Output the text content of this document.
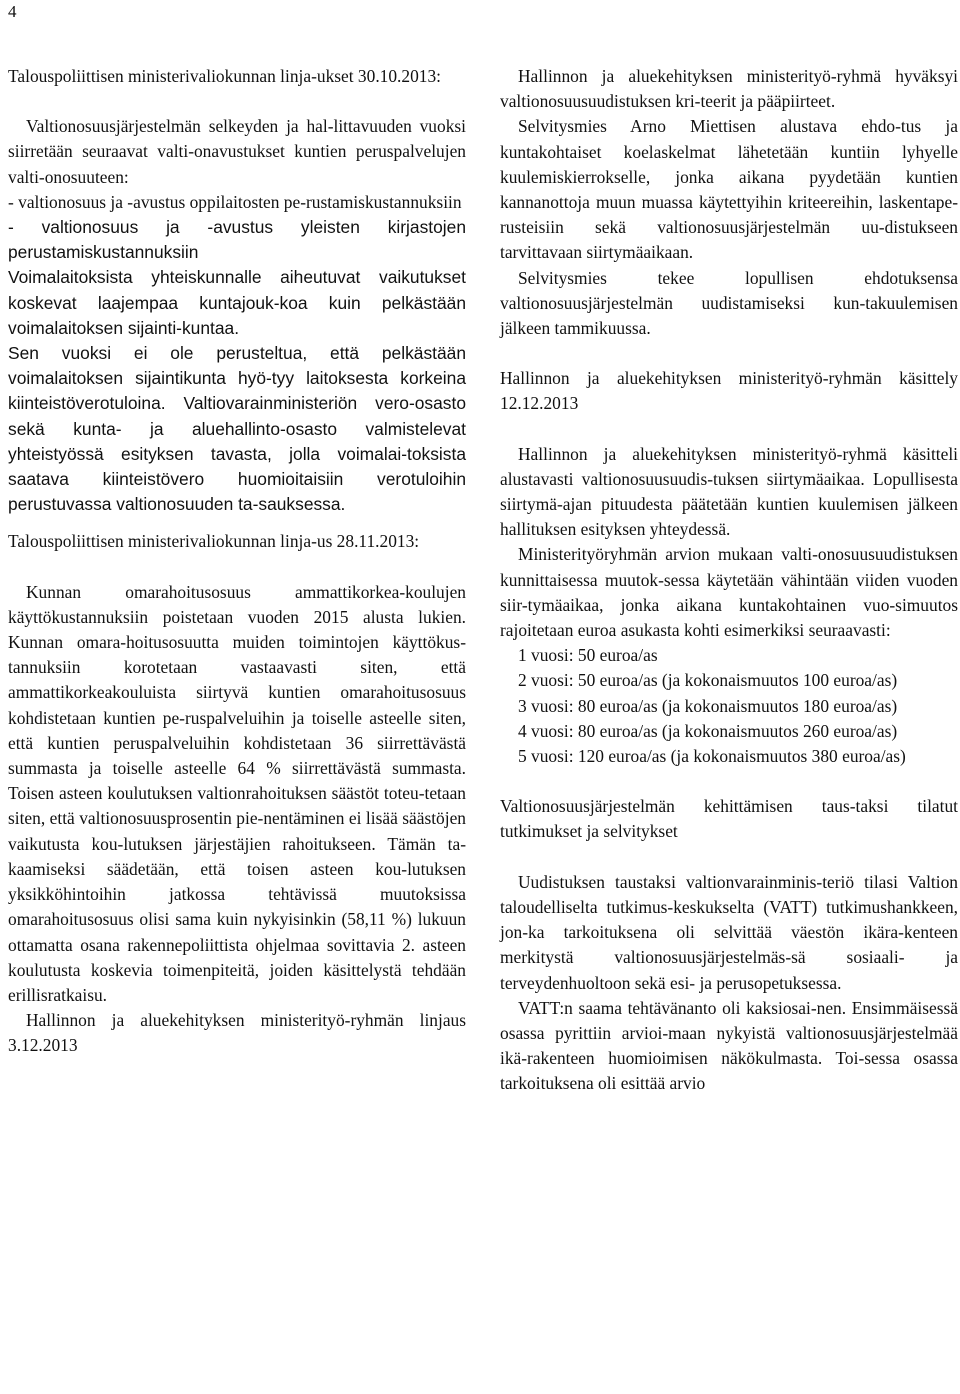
4
Talouspoliittisen ministerivaliokunnan linja-ukset 30.10.2013:

Valtionosuusjärjestelmän selkeyden ja hal-littavuuden vuoksi siirretään seuraavat valti-onavustukset kuntien peruspalvelujen valti-onosuuteen:

- valtionosuus ja -avustus oppilaitosten pe-rustamiskustannuksiin

- valtionosuus ja -avustus yleisten kirjastojen perustamiskustannuksiin

Voimalaitoksista yhteiskunnalle aiheutuvat vaikutukset koskevat laajempaa kuntajouk-koa kuin pelkästään voimalaitoksen sijainti-kuntaa.

Sen vuoksi ei ole perusteltua, että pelkästään voimalaitoksen sijaintikunta hyö-tyy laitoksesta korkeina kiinteistöverotuloina. Valtiovarainministeriön vero-osasto sekä kunta- ja aluehallinto-osasto valmistelevat yhteistyössä esityksen tavasta, jolla voimalai-toksista saatava kiinteistövero huomioitaisiin verotuloihin perustuvassa valtionosuuden ta-sauksessa.

Talouspoliittisen ministerivaliokunnan linja-us 28.11.2013:

Kunnan omarahoitusosuus ammattikorkea-koulujen käyttökustannuksiin poistetaan vuoden 2015 alusta lukien. Kunnan omara-hoitusosuutta muiden toimintojen käyttökus-tannuksiin korotetaan vastaavasti siten, että ammattikorkeakouluista siirtyvä kuntien omarahoitusosuus kohdistetaan kuntien pe-ruspalveluihin ja toiselle asteelle siten, että kuntien peruspalveluihin kohdistetaan 36 siirrettävästä summasta ja toiselle asteelle 64 % siirrettävästä summasta. Toisen asteen koulutuksen valtionrahoituksen säästöt toteu-tetaan siten, että valtionosuusprosentin pie-nentäminen ei lisää säästöjen vaikutusta kou-lutuksen järjestäjien rahoitukseen. Tämän ta-kaamiseksi säädetään, että toisen asteen kou-lutuksen yksikköhintoihin jatkossa tehtävissä muutoksissa omarahoitusosuus olisi sama kuin nykyisinkin (58,11 %) lukuun ottamatta osana rakennepoliittista ohjelmaa sovittavia 2. asteen koulutusta koskevia toimenpiteitä, joiden käsittelystä tehdään erillisratkaisu.

Hallinnon ja aluekehityksen ministerityö-ryhmän linjaus 3.12.2013

Hallinnon ja aluekehityksen ministerityö-ryhmä hyväksyi valtionosuusuudistuksen kri-teerit ja pääpiirteet.

Selvitysmies Arno Miettisen alustava ehdo-tus ja kuntakohtaiset koelaskelmat lähetetään kuntiin lyhyelle kuulemiskierrokselle, jonka aikana pyydetään kuntien kannanottoja muun muassa käytettyihin kriteereihin, laskentape-rusteisiin sekä valtionosuusjärjestelmän uu-distukseen tarvittavaan siirtymäaikaan.

Selvitysmies tekee lopullisen ehdotuksensa valtionosuusjärjestelmän uudistamiseksi kun-takuulemisen jälkeen tammikuussa.

Hallinnon ja aluekehityksen ministerityö-ryhmän käsittely 12.12.2013

Hallinnon ja aluekehityksen ministerityö-ryhmä käsitteli alustavasti valtionosuusuudis-tuksen siirtymäaikaa. Lopullisesta siirtymä-ajan pituudesta päätetään kuntien kuulemisen jälkeen hallituksen esityksen yhteydessä.

Ministerityöryhmän arvion mukaan valti-onosuusuudistuksen kunnittaisessa muutok-sessa käytetään vähintään viiden vuoden siir-tymäaikaa, jonka aikana kuntakohtainen vuo-simuutos rajoitetaan euroa asukasta kohti esimerkiksi seuraavasti:

1 vuosi: 50 euroa/as

2 vuosi: 50 euroa/as (ja kokonaismuutos 100 euroa/as)

3 vuosi: 80 euroa/as (ja kokonaismuutos 180 euroa/as)

4 vuosi: 80 euroa/as (ja kokonaismuutos 260 euroa/as)

5 vuosi: 120 euroa/as (ja kokonaismuutos 380 euroa/as)

Valtionosuusjärjestelmän kehittämisen taus-taksi tilatut tutkimukset ja selvitykset

Uudistuksen taustaksi valtionvarainminis-teriö tilasi Valtion taloudelliselta tutkimus-keskukselta (VATT) tutkimushankkeen, jon-ka tarkoituksena oli selvittää väestön ikära-kenteen merkitystä valtionosuusjärjestelmäs-sä sosiaali- ja terveydenhuoltoon sekä esi- ja perusopetuksessa.

VATT:n saama tehtävänanto oli kaksiosai-nen. Ensimmäisessä osassa pyrittiin arvioi-maan nykyistä valtionosuusjärjestelmää ikä-rakenteen huomioimisen näkökulmasta. Toi-sessa osassa tarkoituksena oli esittää arvio
